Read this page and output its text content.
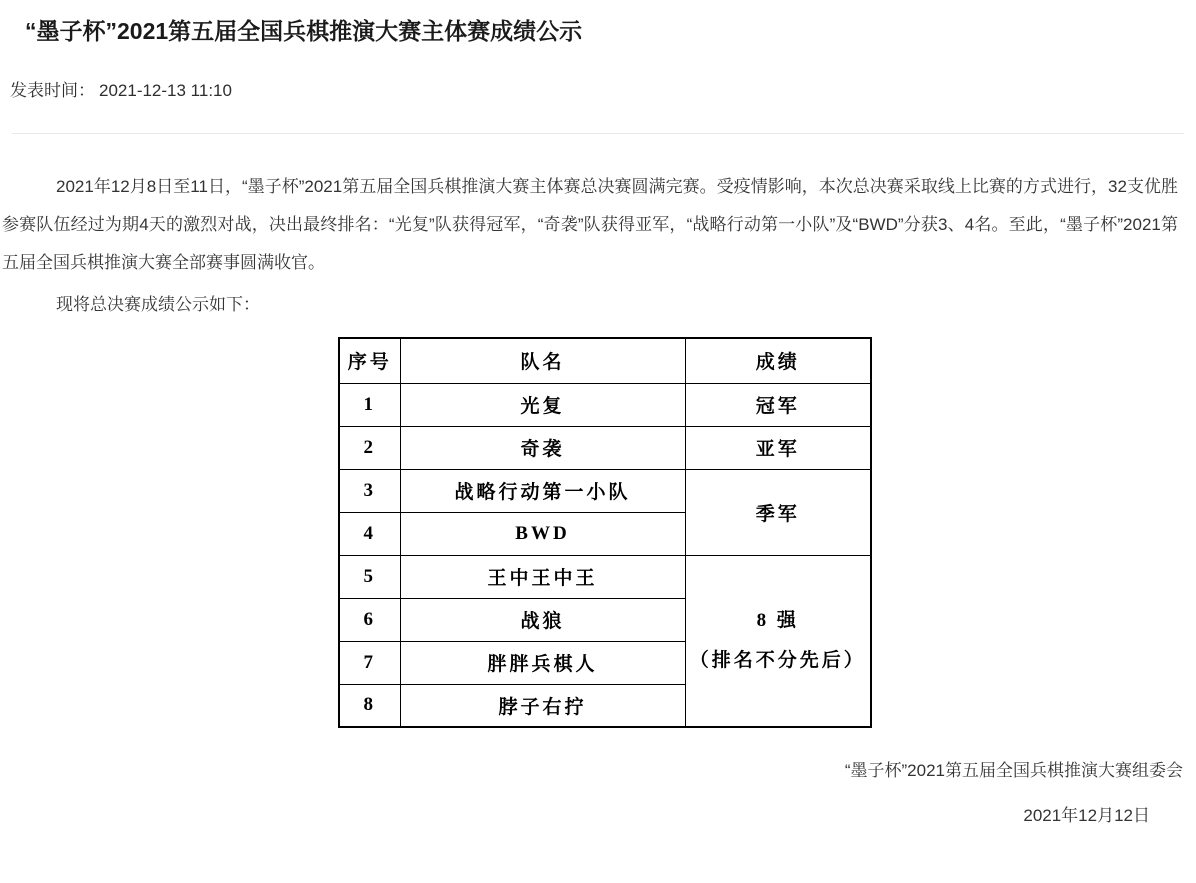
“墨子杯”2021第五届全国兵棋推演大赛主体赛成绩公示
发表时间： 2021-12-13 11:10

2021年12月8日至11日，“墨子杯”2021第五届全国兵棋推演大赛主体赛总决赛圆满完赛。受疫情影响，本次总决赛采取线上比赛的方式进行，32支优胜参赛队伍经过为期4天的激烈对战，决出最终排名：“光复”队获得冠军，“奇袭”队获得亚军，“战略行动第一小队”及“BWD”分获3、4名。至此，“墨子杯”2021第五届全国兵棋推演大赛全部赛事圆满收官。

现将总决赛成绩公示如下：

序号	队名	成绩
1	光复	冠军
2	奇袭	亚军
3	战略行动第一小队	季军
4	BWD	
5	王中王中王	8 强
（排名不分先后）

6	战狼	
7	胖胖兵棋人	
8	脖子右拧	
“墨子杯”2021第五届全国兵棋推演大赛组委会
2021年12月12日
